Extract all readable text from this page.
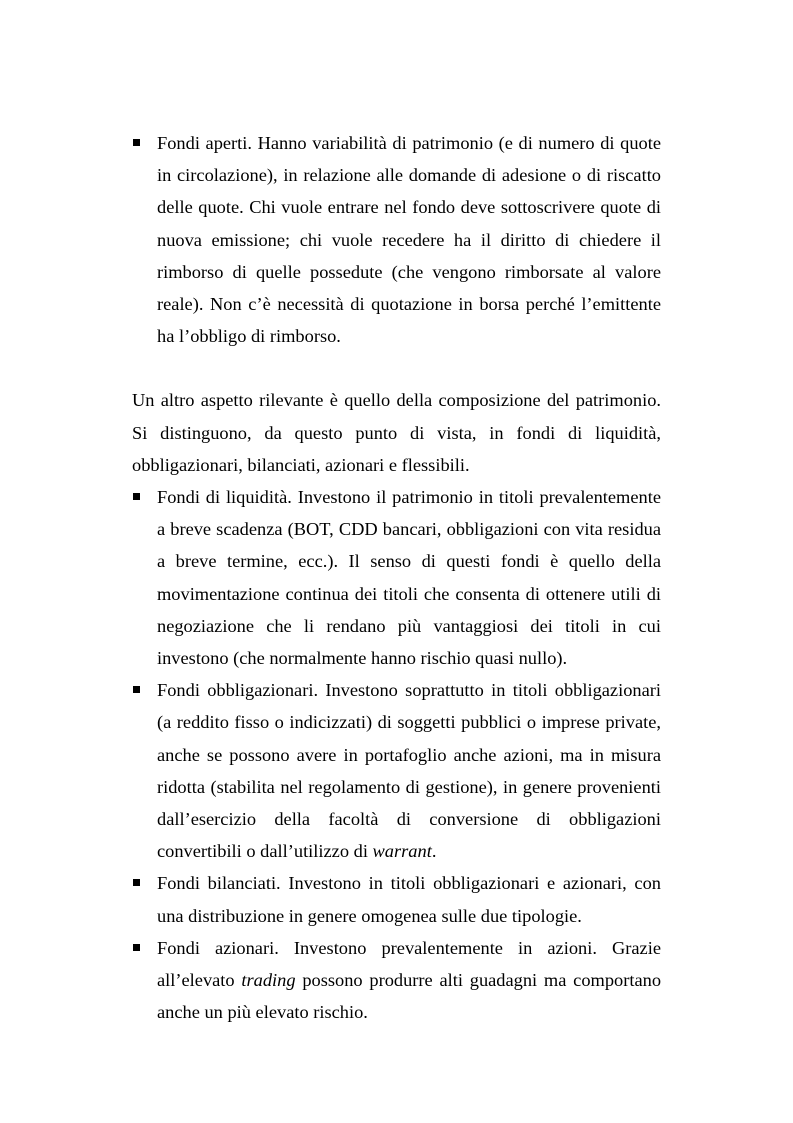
Fondi aperti. Hanno variabilità di patrimonio (e di numero di quote in circolazione), in relazione alle domande di adesione o di riscatto delle quote. Chi vuole entrare nel fondo deve sottoscrivere quote di nuova emissione; chi vuole recedere ha il diritto di chiedere il rimborso di quelle possedute (che vengono rimborsate al valore reale). Non c’è necessità di quotazione in borsa perché l’emittente ha l’obbligo di rimborso.

Un altro aspetto rilevante è quello della composizione del patrimonio. Si distinguono, da questo punto di vista, in fondi di liquidità, obbligazionari, bilanciati, azionari e flessibili.

Fondi di liquidità. Investono il patrimonio in titoli prevalentemente a breve scadenza (BOT, CDD bancari, obbligazioni con vita residua a breve termine, ecc.). Il senso di questi fondi è quello della movimentazione continua dei titoli che consenta di ottenere utili di negoziazione che li rendano più vantaggiosi dei titoli in cui investono (che normalmente hanno rischio quasi nullo).
Fondi obbligazionari. Investono soprattutto in titoli obbligazionari (a reddito fisso o indicizzati) di soggetti pubblici o imprese private, anche se possono avere in portafoglio anche azioni, ma in misura ridotta (stabilita nel regolamento di gestione), in genere provenienti dall’esercizio della facoltà di conversione di obbligazioni convertibili o dall’utilizzo di warrant.
Fondi bilanciati. Investono in titoli obbligazionari e azionari, con una distribuzione in genere omogenea sulle due tipologie.
Fondi azionari. Investono prevalentemente in azioni. Grazie all’elevato trading possono produrre alti guadagni ma comportano anche un più elevato rischio.
